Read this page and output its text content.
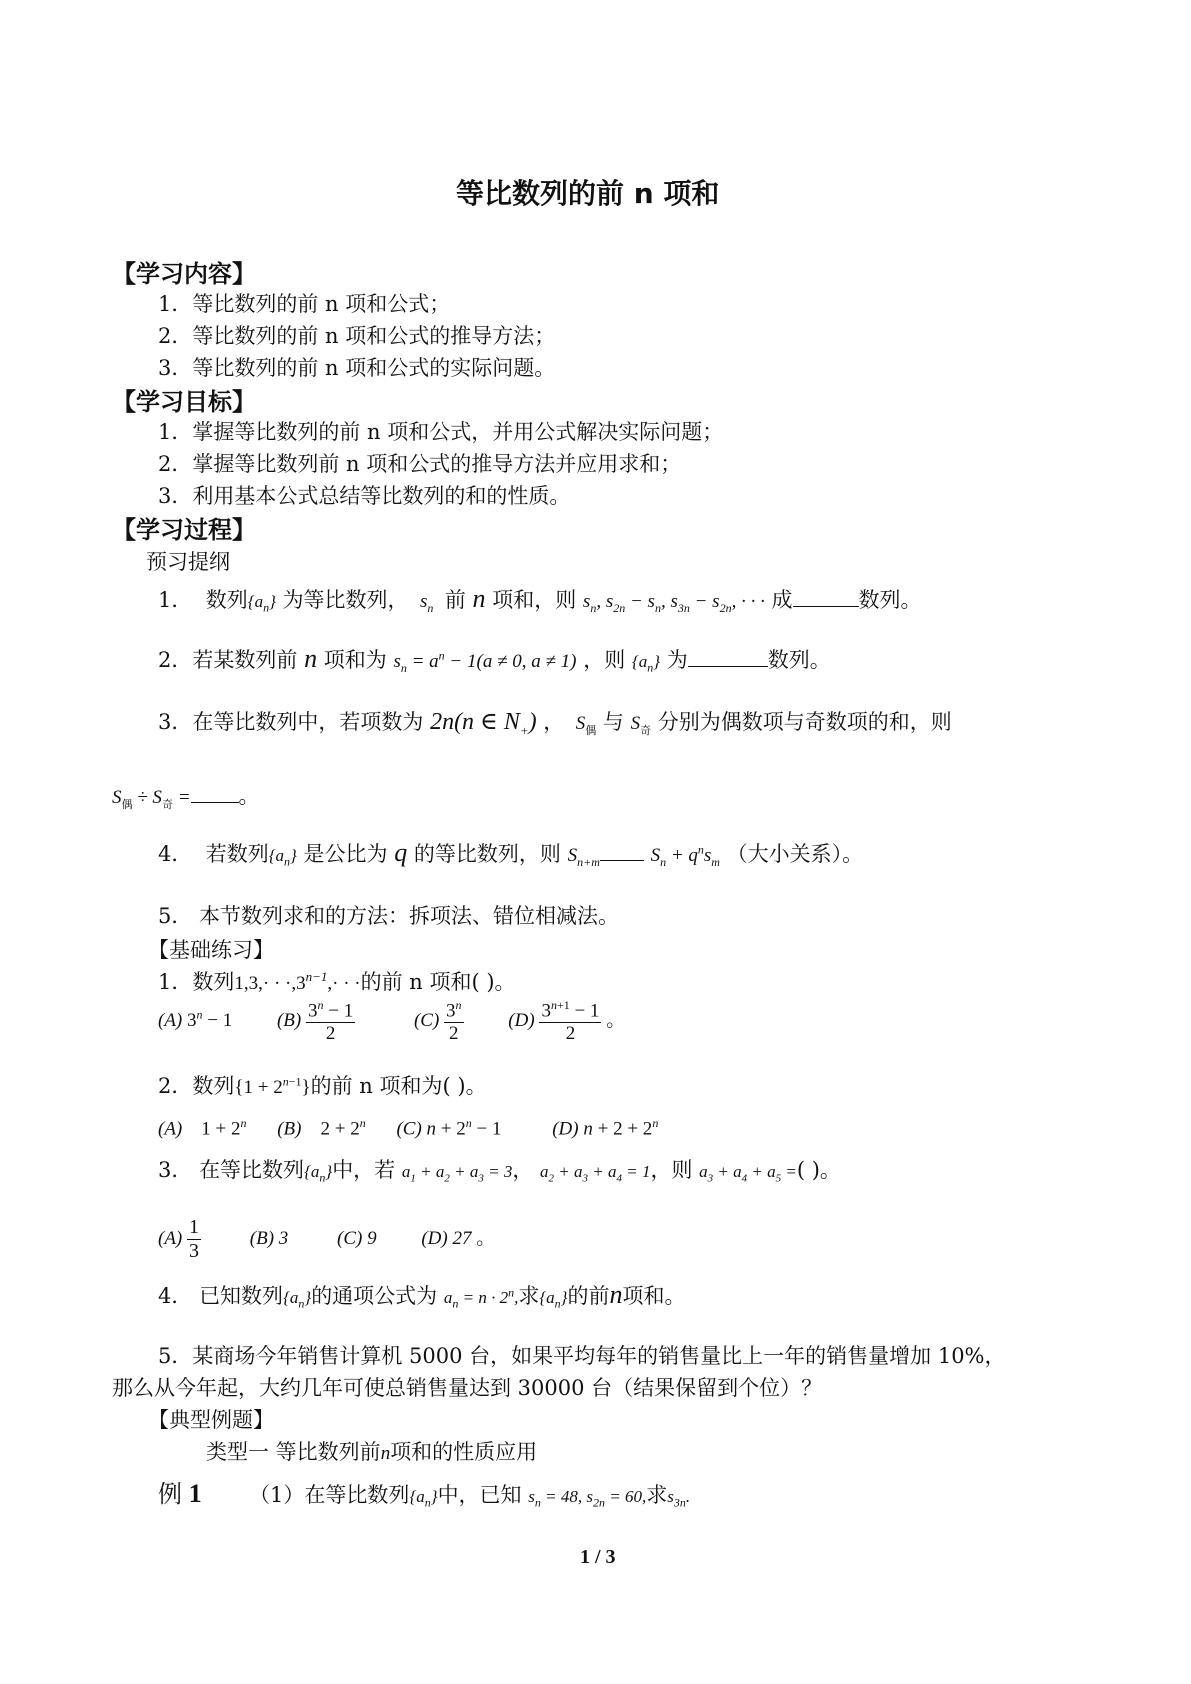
等比数列的前 n 项和
【学习内容】
1．等比数列的前 n 项和公式；
2．等比数列的前 n 项和公式的推导方法；
3．等比数列的前 n 项和公式的实际问题。
【学习目标】
1．掌握等比数列的前 n 项和公式，并用公式解决实际问题；
2．掌握等比数列前 n 项和公式的推导方法并应用求和；
3．利用基本公式总结等比数列的和的性质。
【学习过程】
预习提纲
1． 数列$\{a_n\}$ 为等比数列，  $s_n$ 前 n 项和，则 $s_n$, $s_{2n} - s_n$, $s_{3n} - s_{2n}$, · · · 成	数列。
2．若某数列前 n 项和为 $s_n = a^n - 1(a \ne 0$, a ≠ 1) ，则 $\{a_n\}$ 为	数列。
3．在等比数列中，若项数为 2n(n ∈ $N_+$) ，  $S_偶$ 与 $S_奇$ 分别为偶数项与奇数项的和，则
$S_偶 \div S_奇$ = 。
4． 若数列$\{a_n\}$ 是公比为 q 的等比数列，则 $S_{n+m}$	$S_n + q^ns_m$ （大小关系）。
5． 本节数列求和的方法：拆项法、错位相减法。
【基础练习】
1．数列$1,3,\cdot \cdot \cdot,3^{n-1},\cdot$ · ·的前 n 项和( )。
(A) $3^n - 1$ $(B) \frac{3^n - 1}{2}$	$(C) \frac{3^n}{2} (D) \frac{3^{n+1} - 1}{2}$ 。
2．数列$\{1 + 2^{n-1}\}$的前 n 项和为( )。
(A)    $1 + 2^n$ (B)    $2 + 2^n$ (C) $n + 2^n - 1$ (D) $n + 2 + 2^n$
3． 在等比数列$\{a_n\}$中，若 $a_1 + a_2 + a_3 = 3$， $a_2 + a_3 + a_4 = 1$，则 $a_3 + a_4 + a_5$ =( )。
$(A) \frac{1}{3}$	(B) 3	(C) 9 (D) 27 。
4． 已知数列$\{a_n\}$的通项公式为 $a_n = n \cdot 2^n$,求$\{a_n\}$的前n项和。
5．某商场今年销售计算机 5000 台，如果平均每年的销售量比上一年的销售量增加 10%，
那么从今年起，大约几年可使总销售量达到 30000 台（结果保留到个位）？
【典型例题】
类型一 等比数列前n项和的性质应用
例 1 （1）在等比数列$\{a_n\}$中，已知 $s_n = 48$, $s_{2n} = 60$,求$s_{3n}$.
1 / 3
